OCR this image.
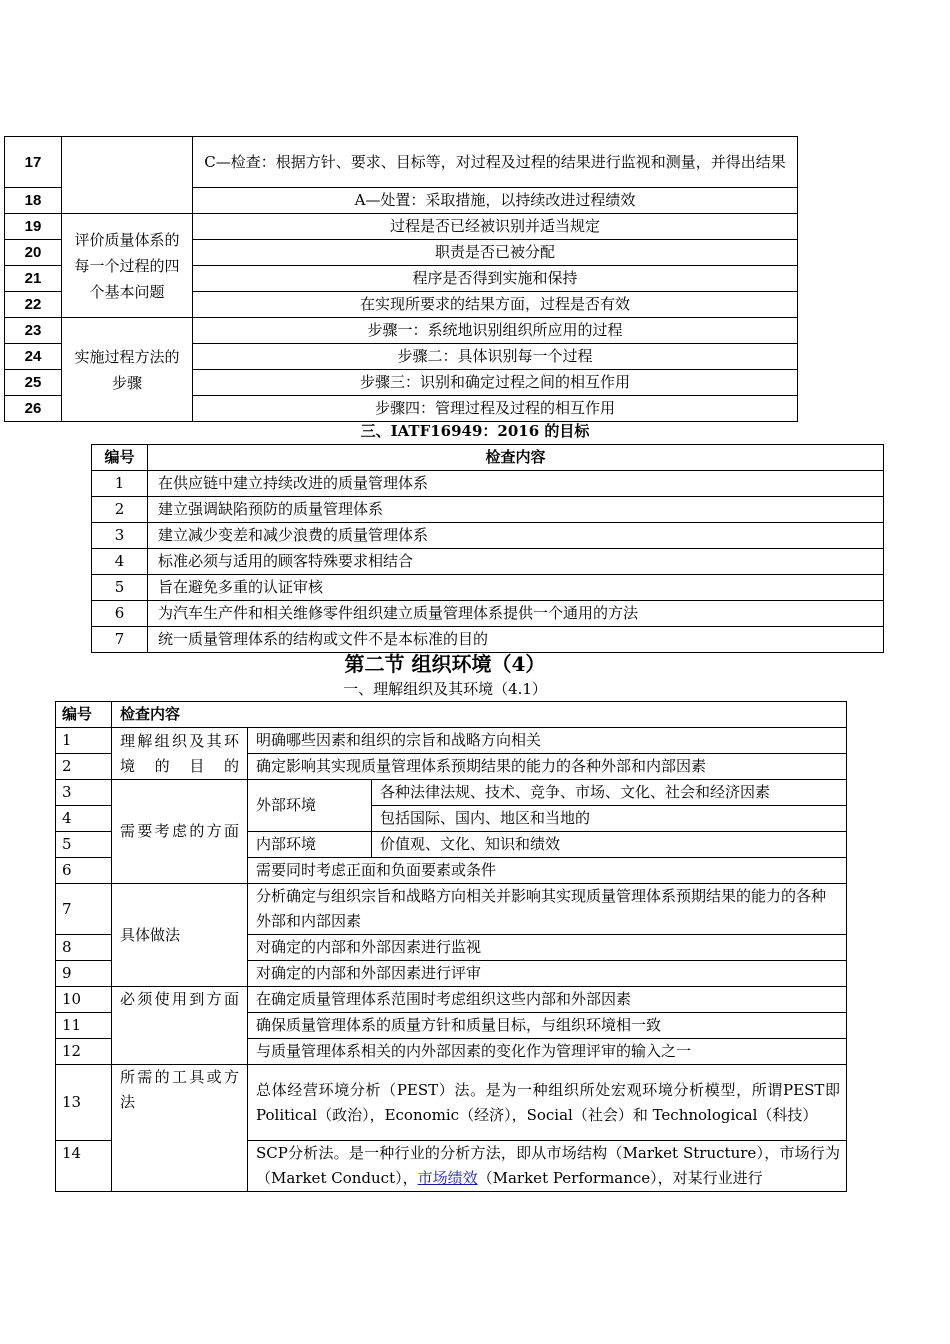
17		C—检查：根据方针、要求、目标等，对过程及过程的结果进行监视和测量，并得出结果
18		A—处置：采取措施，以持续改进过程绩效
19	评价质量体系的每一个过程的四个基本问题	过程是否已经被识别并适当规定
20		职责是否已被分配
21		程序是否得到实施和保持
22		在实现所要求的结果方面，过程是否有效
23	实施过程方法的步骤	步骤一：系统地识别组织所应用的过程
24		步骤二：具体识别每一个过程
25		步骤三：识别和确定过程之间的相互作用
26		步骤四：管理过程及过程的相互作用
三、IATF16949：2016 的目标
编号	检查内容
1	在供应链中建立持续改进的质量管理体系
2	建立强调缺陷预防的质量管理体系
3	建立减少变差和减少浪费的质量管理体系
4	标准必须与适用的顾客特殊要求相结合
5	旨在避免多重的认证审核
6	为汽车生产件和相关维修零件组织建立质量管理体系提供一个通用的方法
7	统一质量管理体系的结构或文件不是本标准的目的
第二节 组织环境（4）
一、理解组织及其环境（4.1）
编号	检查内容		
1	理解组织及其环境的目的	明确哪些因素和组织的宗旨和战略方向相关	
2		确定影响其实现质量管理体系预期结果的能力的各种外部和内部因素	
3	需要考虑的方面	外部环境	各种法律法规、技术、竞争、市场、文化、社会和经济因素
4			包括国际、国内、地区和当地的
5		内部环境	价值观、文化、知识和绩效
6		需要同时考虑正面和负面要素或条件	
7	具体做法	分析确定与组织宗旨和战略方向相关并影响其实现质量管理体系预期结果的能力的各种外部和内部因素	
8		对确定的内部和外部因素进行监视	
9		对确定的内部和外部因素进行评审	
10	必须使用到方面	在确定质量管理体系范围时考虑组织这些内部和外部因素	
11		确保质量管理体系的质量方针和质量目标，与组织环境相一致	
12		与质量管理体系相关的内外部因素的变化作为管理评审的输入之一	
13	所需的工具或方法	总体经营环境分析（PEST）法。是为一种组织所处宏观环境分析模型，所谓PEST即 Political（政治），Economic（经济），Social（社会）和 Technological（科技）	
14		SCP分析法。是一种行业的分析方法，即从市场结构（Market Structure），市场行为（Market Conduct），市场绩效（Market Performance），对某行业进行	
